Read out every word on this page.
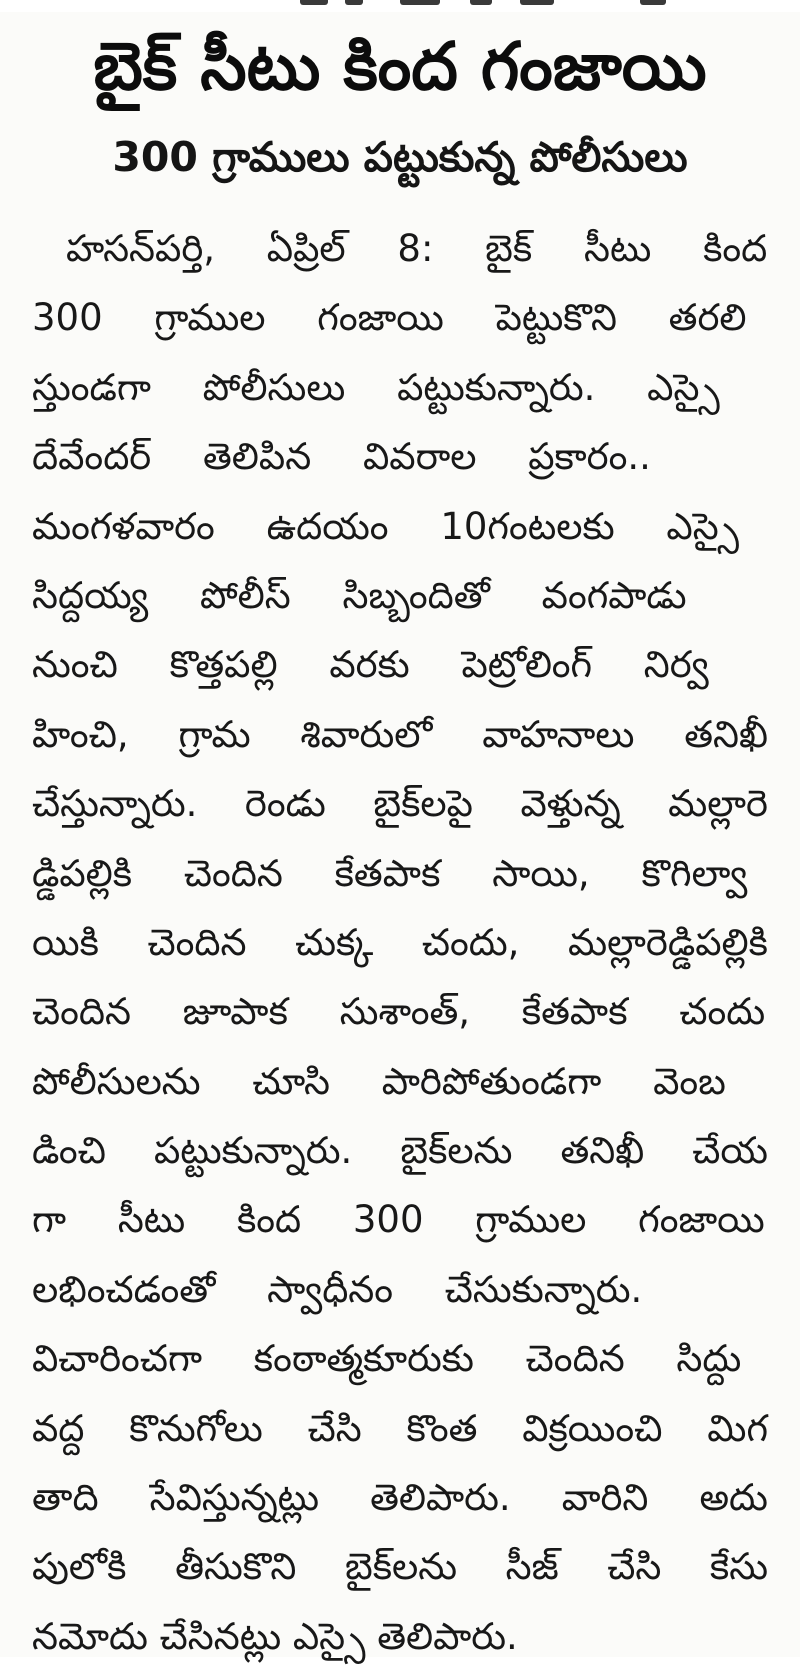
బైక్ సీటు కింద గంజాయి
300 గ్రాములు పట్టుకున్న పోలీసులు
హసన్‌పర్తి, ఏప్రిల్ 8: బైక్ సీటు కింద
300 గ్రాముల గంజాయి పెట్టుకొని తరలి
స్తుండగా పోలీసులు పట్టుకున్నారు. ఎస్సై
దేవేందర్ తెలిపిన వివరాల ప్రకారం..
మంగళవారం ఉదయం 10గంటలకు ఎస్సై
సిద్దయ్య పోలీస్ సిబ్బందితో వంగపాడు
నుంచి కొత్తపల్లి వరకు పెట్రోలింగ్ నిర్వ
హించి, గ్రామ శివారులో వాహనాలు తనిఖీ
చేస్తున్నారు. రెండు బైక్‌లపై వెళ్తున్న మల్లారె
డ్డిపల్లికి చెందిన కేతపాక సాయి, కొగిల్వా
యికి చెందిన చుక్క చందు, మల్లారెడ్డిపల్లికి
చెందిన జూపాక సుశాంత్, కేతపాక చందు
పోలీసులను చూసి పారిపోతుండగా వెంబ
డించి పట్టుకున్నారు. బైక్‌లను తనిఖీ చేయ
గా సీటు కింద 300 గ్రాముల గంజాయి
లభించడంతో స్వాధీనం చేసుకున్నారు.
విచారించగా కంఠాత్మకూరుకు చెందిన సిద్దు
వద్ద కొనుగోలు చేసి కొంత విక్రయించి మిగ
తాది సేవిస్తున్నట్లు తెలిపారు. వారిని అదు
పులోకి తీసుకొని బైక్‌లను సీజ్ చేసి కేసు
నమోదు చేసినట్లు ఎస్సై తెలిపారు.
